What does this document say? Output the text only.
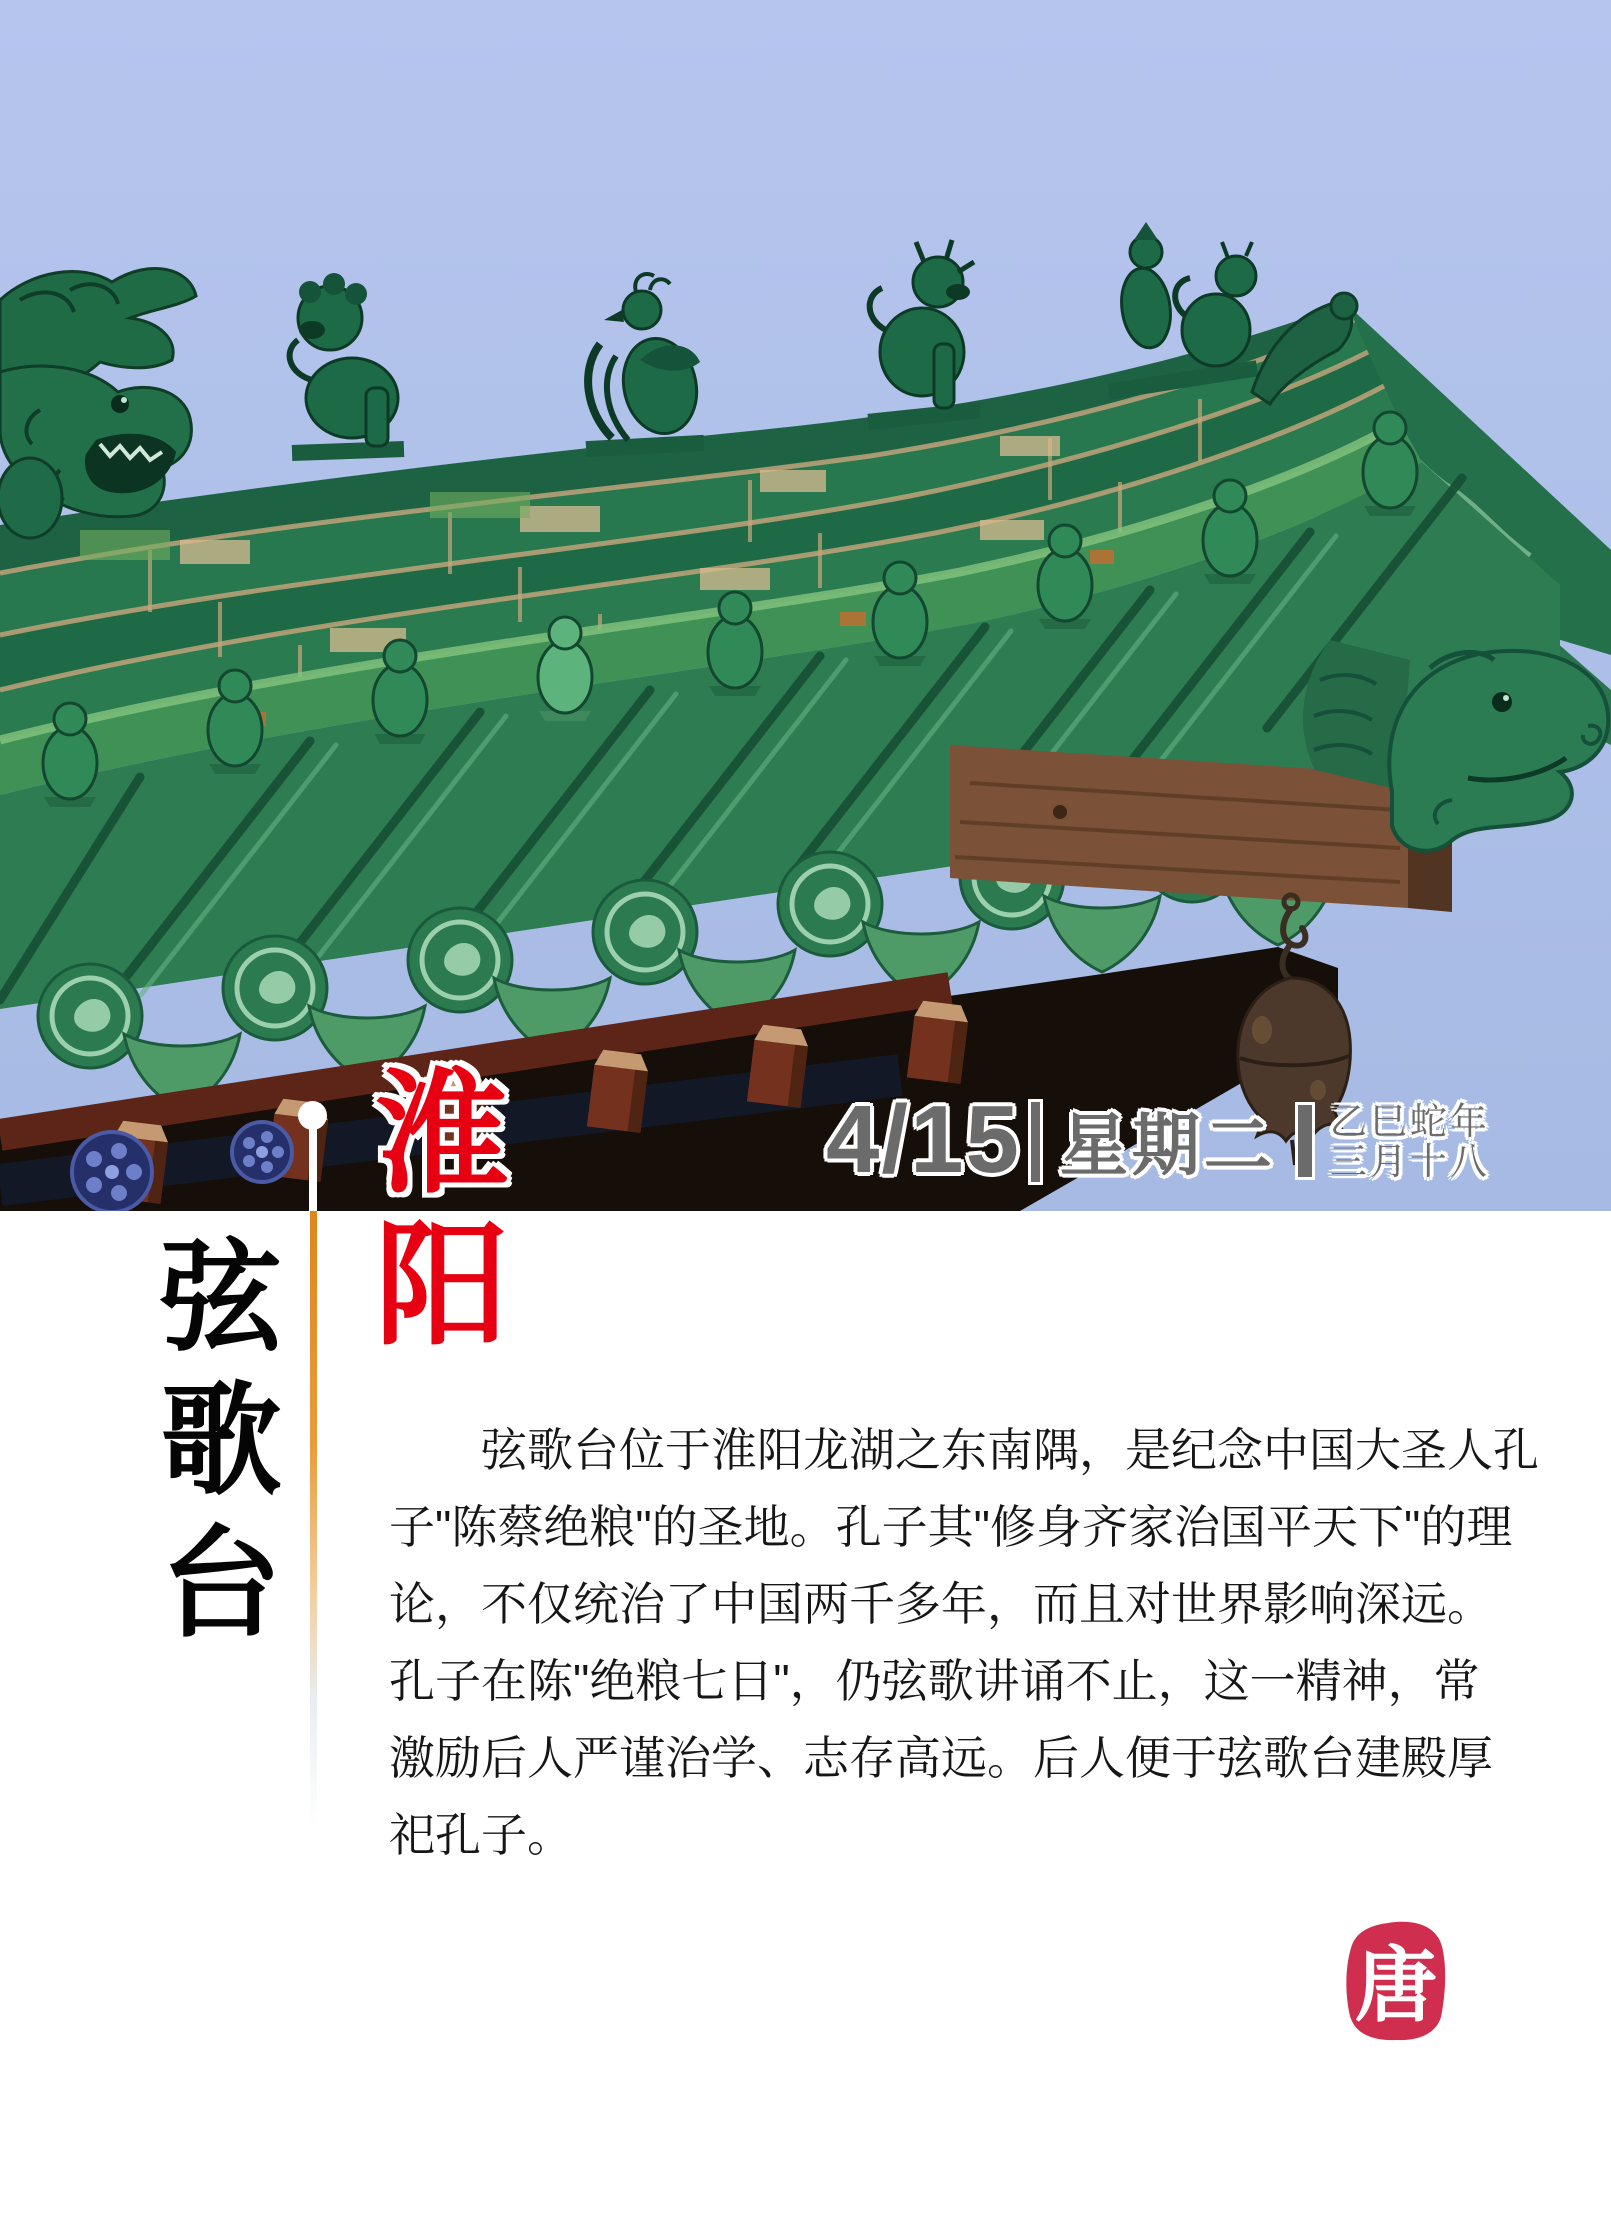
4/15 星期二 乙巳蛇年
三月十八
淮阳
弦歌台	弦歌台位于淮阳龙湖之东南隅，是纪念中国大圣人孔

子"陈蔡绝粮"的圣地。孔子其"修身齐家治国平天下"的理

论，不仅统治了中国两千多年，而且对世界影响深远。

孔子在陈"绝粮七日"，仍弦歌讲诵不止，这一精神，常

激励后人严谨治学、志存高远。后人便于弦歌台建殿厚

祀孔子。

唐
